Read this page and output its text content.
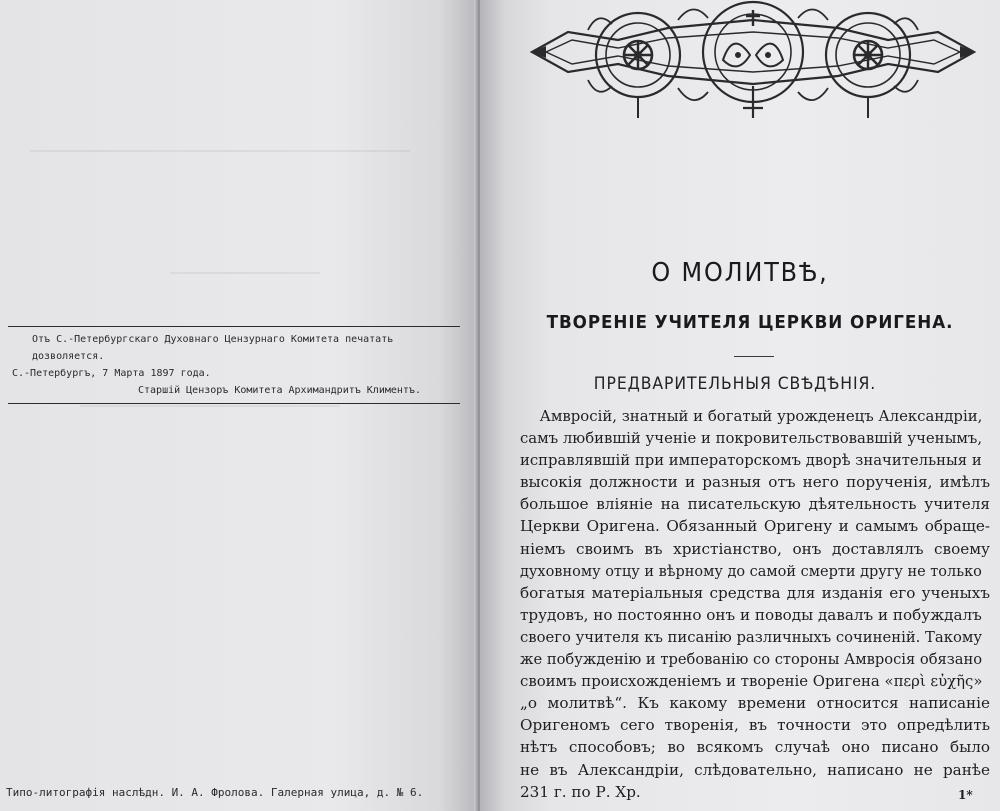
Отъ С.-Петербургскаго Духовнаго Цензурнаго Комитета печатать дозволяется.
С.-Петербургъ, 7 Марта 1897 года.
Старшій Цензоръ Комитета Архимандритъ Климентъ.
Типо-литографія наслѣдн. И. А. Фролова. Галерная улица, д. № 6.
О МОЛИТВѢ,
ТВОРЕНІЕ УЧИТЕЛЯ ЦЕРКВИ ОРИГЕНА.
ПРЕДВАРИТЕЛЬНЫЯ СВѢДѢНІЯ.
Амвросій, знатный и богатый урожденецъ Александріи,
самъ любившій ученіе и покровительствовавшій ученымъ,
исправлявшій при императорскомъ дворѣ значительныя и
высокія должности и разныя отъ него порученія, имѣлъ
большое вліяніе на писательскую дѣятельность учителя
Церкви Оригена. Обязанный Оригену и самымъ обраще-
ніемъ своимъ въ христіанство, онъ доставлялъ своему
духовному отцу и вѣрному до самой смерти другу не только
богатыя матеріальныя средства для изданія его ученыхъ
трудовъ, но постоянно онъ и поводы давалъ и побуждалъ
своего учителя къ писанію различныхъ сочиненій. Такому
же побужденію и требованію со стороны Амвросія обязано
своимъ происхожденіемъ и твореніе Оригена «περὶ εὐχῆς»
„о молитвѣ“. Къ какому времени относится написаніе
Оригеномъ сего творенія, въ точности это опредѣлить
нѣтъ способовъ; во всякомъ случаѣ оно писано было
не въ Александріи, слѣдовательно, написано не ранѣе
231 г. по Р. Хр.	1*
